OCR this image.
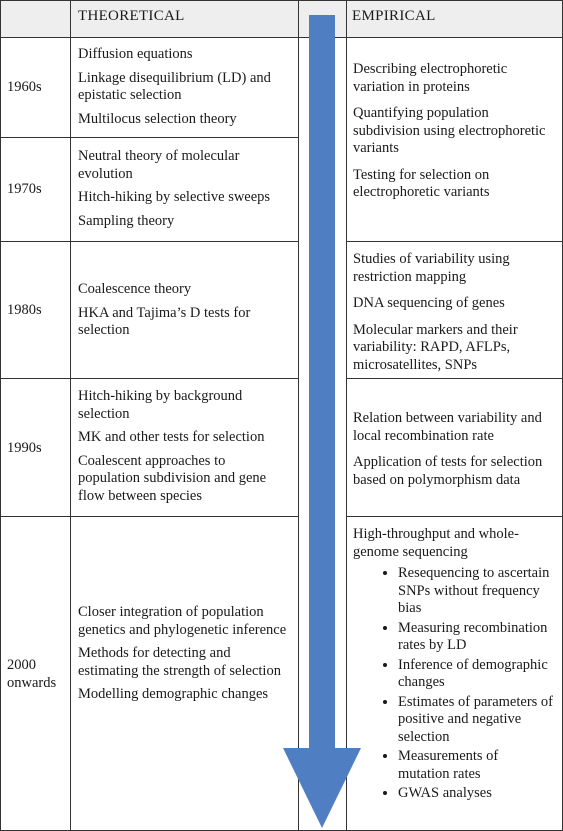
THEORETICAL	EMPIRICAL
1960s
1970s
1980s
1990s
2000 onwards

Diffusion equations

Linkage disequilibrium (LD) and epistatic selection

Multilocus selection theory

Neutral theory of molecular evolution

Hitch-hiking by selective sweeps

Sampling theory

Coalescence theory

HKA and Tajima’s D tests for selection

Hitch-hiking by background selection

MK and other tests for selection

Coalescent approaches to population subdivision and gene flow between species

Closer integration of population genetics and phylogenetic inference

Methods for detecting and estimating the strength of selection

Modelling demographic changes

Describing electrophoretic variation in proteins

Quantifying population subdivision using electrophoretic variants

Testing for selection on electrophoretic variants

Studies of variability using restriction mapping

DNA sequencing of genes

Molecular markers and their variability: RAPD, AFLPs, microsatellites, SNPs

Relation between variability and local recombination rate

Application of tests for selection based on polymorphism data

High-throughput and whole-genome sequencing

• Resequencing to ascertain SNPs without frequency bias
• Measuring recombination rates by LD
• Inference of demographic changes
• Estimates of parameters of positive and negative selection
• Measurements of mutation rates
• GWAS analyses
